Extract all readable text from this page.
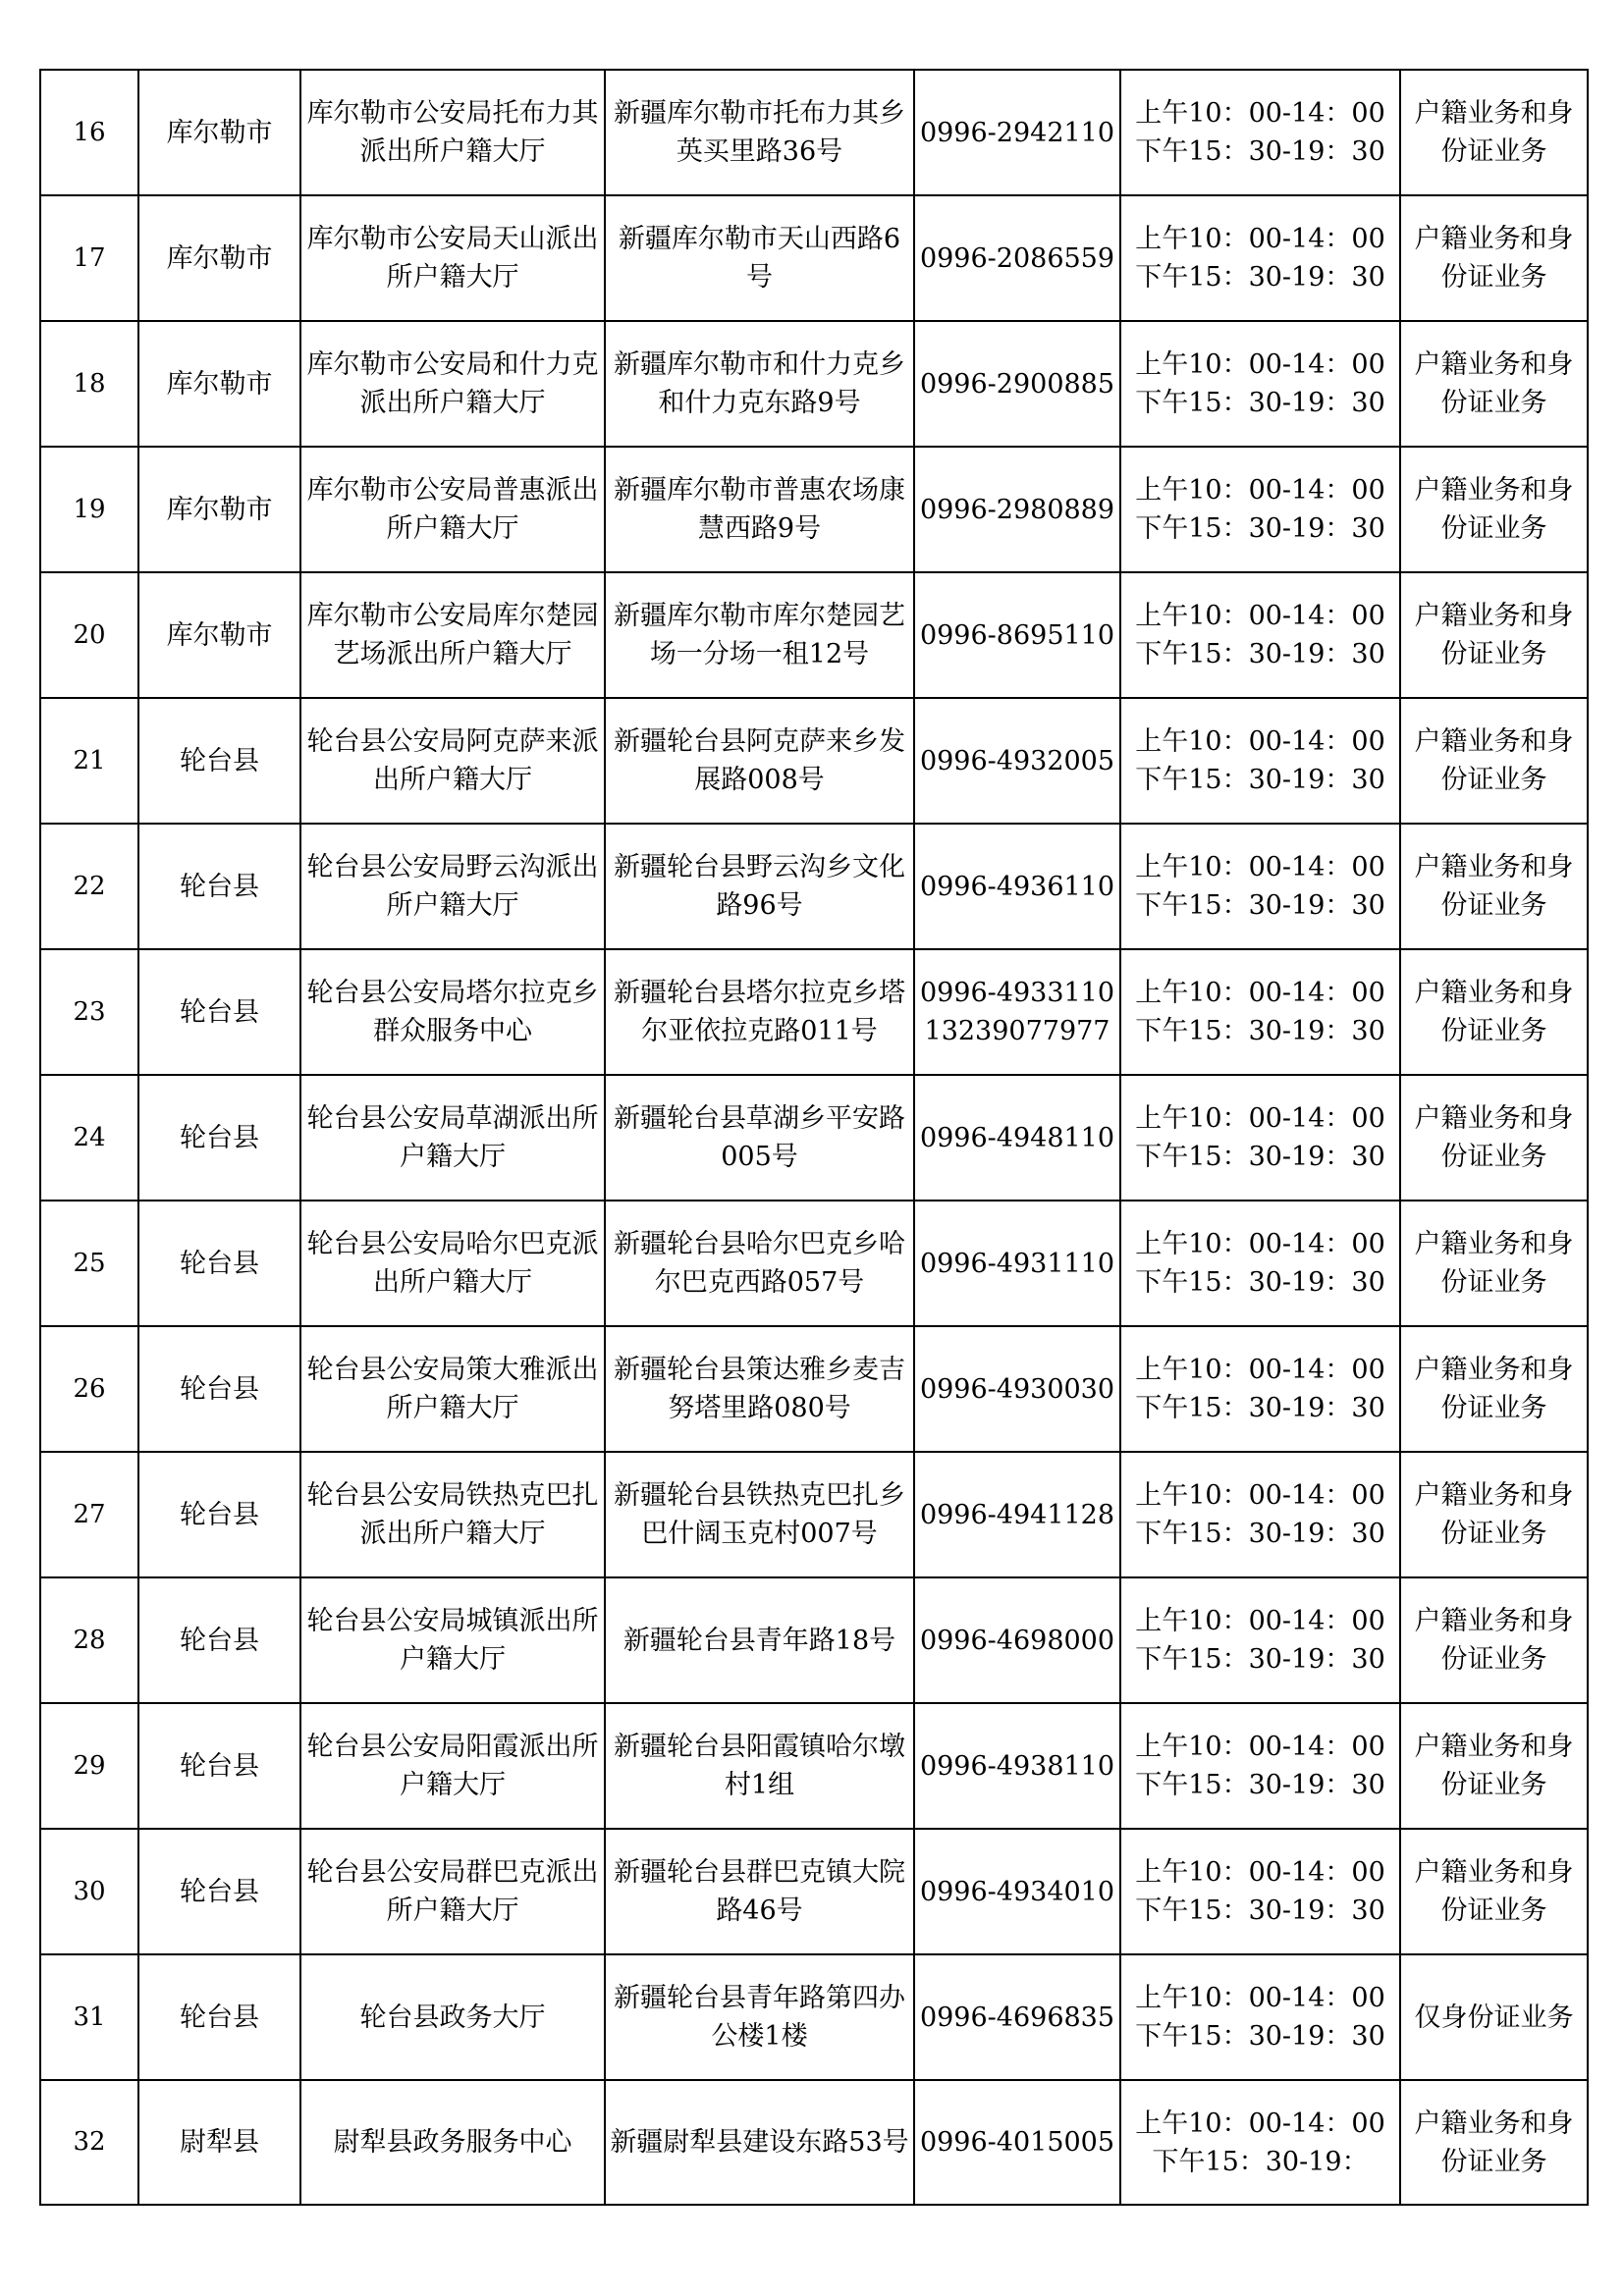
16	库尔勒市	库尔勒市公安局托布力其派出所户籍大厅	新疆库尔勒市托布力其乡英买里路36号	0996-2942110	上午10：00-14：00
下午15：30-19：30	户籍业务和身份证业务
17	库尔勒市	库尔勒市公安局天山派出所户籍大厅	新疆库尔勒市天山西路6号	0996-2086559	上午10：00-14：00
下午15：30-19：30	户籍业务和身份证业务
18	库尔勒市	库尔勒市公安局和什力克派出所户籍大厅	新疆库尔勒市和什力克乡和什力克东路9号	0996-2900885	上午10：00-14：00
下午15：30-19：30	户籍业务和身份证业务
19	库尔勒市	库尔勒市公安局普惠派出所户籍大厅	新疆库尔勒市普惠农场康慧西路9号	0996-2980889	上午10：00-14：00
下午15：30-19：30	户籍业务和身份证业务
20	库尔勒市	库尔勒市公安局库尔楚园艺场派出所户籍大厅	新疆库尔勒市库尔楚园艺场一分场一租12号	0996-8695110	上午10：00-14：00
下午15：30-19：30	户籍业务和身份证业务
21	轮台县	轮台县公安局阿克萨来派出所户籍大厅	新疆轮台县阿克萨来乡发展路008号	0996-4932005	上午10：00-14：00
下午15：30-19：30	户籍业务和身份证业务
22	轮台县	轮台县公安局野云沟派出所户籍大厅	新疆轮台县野云沟乡文化路96号	0996-4936110	上午10：00-14：00
下午15：30-19：30	户籍业务和身份证业务
23	轮台县	轮台县公安局塔尔拉克乡群众服务中心	新疆轮台县塔尔拉克乡塔尔亚依拉克路011号	0996-4933110
13239077977	上午10：00-14：00
下午15：30-19：30	户籍业务和身份证业务
24	轮台县	轮台县公安局草湖派出所户籍大厅	新疆轮台县草湖乡平安路005号	0996-4948110	上午10：00-14：00
下午15：30-19：30	户籍业务和身份证业务
25	轮台县	轮台县公安局哈尔巴克派出所户籍大厅	新疆轮台县哈尔巴克乡哈尔巴克西路057号	0996-4931110	上午10：00-14：00
下午15：30-19：30	户籍业务和身份证业务
26	轮台县	轮台县公安局策大雅派出所户籍大厅	新疆轮台县策达雅乡麦吉努塔里路080号	0996-4930030	上午10：00-14：00
下午15：30-19：30	户籍业务和身份证业务
27	轮台县	轮台县公安局铁热克巴扎派出所户籍大厅	新疆轮台县铁热克巴扎乡巴什阔玉克村007号	0996-4941128	上午10：00-14：00
下午15：30-19：30	户籍业务和身份证业务
28	轮台县	轮台县公安局城镇派出所户籍大厅	新疆轮台县青年路18号	0996-4698000	上午10：00-14：00
下午15：30-19：30	户籍业务和身份证业务
29	轮台县	轮台县公安局阳霞派出所户籍大厅	新疆轮台县阳霞镇哈尔墩村1组	0996-4938110	上午10：00-14：00
下午15：30-19：30	户籍业务和身份证业务
30	轮台县	轮台县公安局群巴克派出所户籍大厅	新疆轮台县群巴克镇大院路46号	0996-4934010	上午10：00-14：00
下午15：30-19：30	户籍业务和身份证业务
31	轮台县	轮台县政务大厅	新疆轮台县青年路第四办公楼1楼	0996-4696835	上午10：00-14：00
下午15：30-19：30	仅身份证业务
32	尉犁县	尉犁县政务服务中心	新疆尉犁县建设东路53号	0996-4015005	上午10：00-14：00
下午15：30-19：	户籍业务和身份证业务
